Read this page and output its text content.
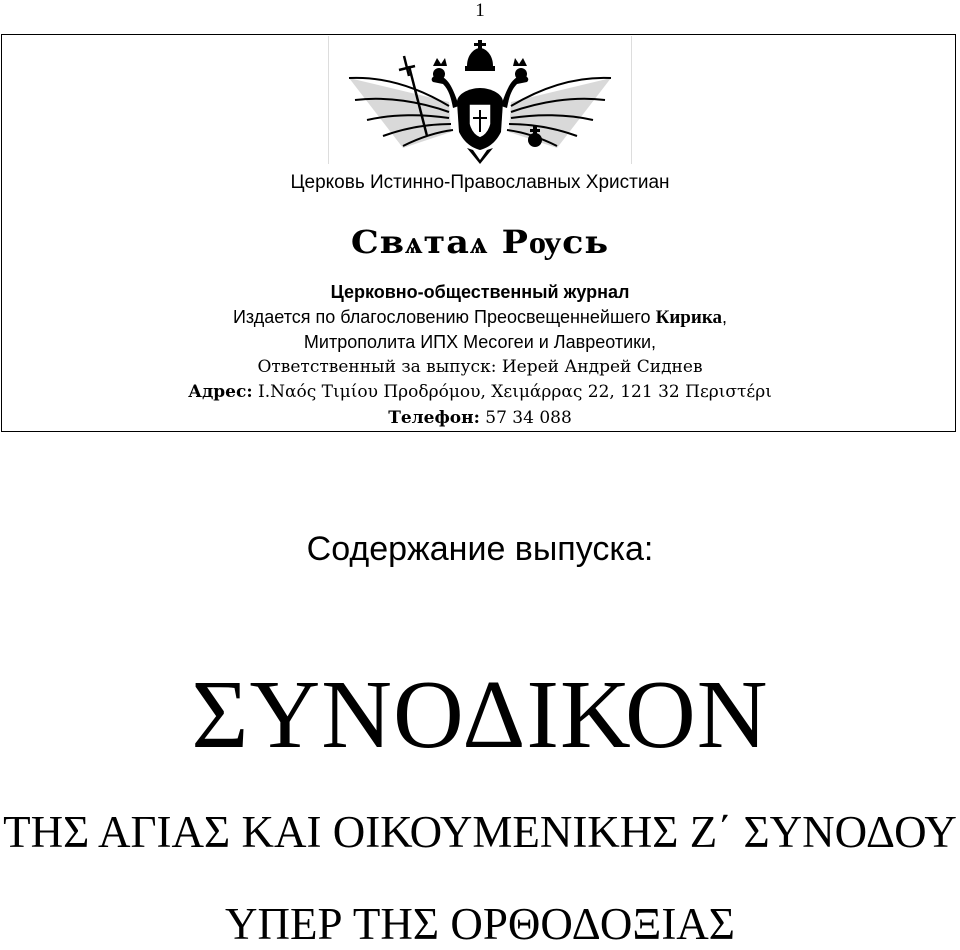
1
Церковь Истинно-Православных Христиан
Свѧтаѧ Рѹсь
Церковно-общественный журнал
Издается по благословению Преосвещеннейшего Кирика,
Митрополита ИПХ Месогеи и Лавреотики,
Ответственный за выпуск: Иерей Андрей Сиднев
Адрес: I.Ναός Τιμίου Προδρόμου, Χειμάρρας 22, 121 32 Περιστέρι
Телефон: 57 34 088
Содержание выпуска:
ΣΥΝΟΔΙΚΟΝ
ΤΗΣ ΑΓΙΑΣ ΚΑΙ ΟΙΚΟΥΜΕΝΙΚΗΣ Ζ΄ ΣΥΝΟΔΟΥ
ΥΠΕΡ ΤΗΣ ΟΡΘΟΔΟΞΙΑΣ
